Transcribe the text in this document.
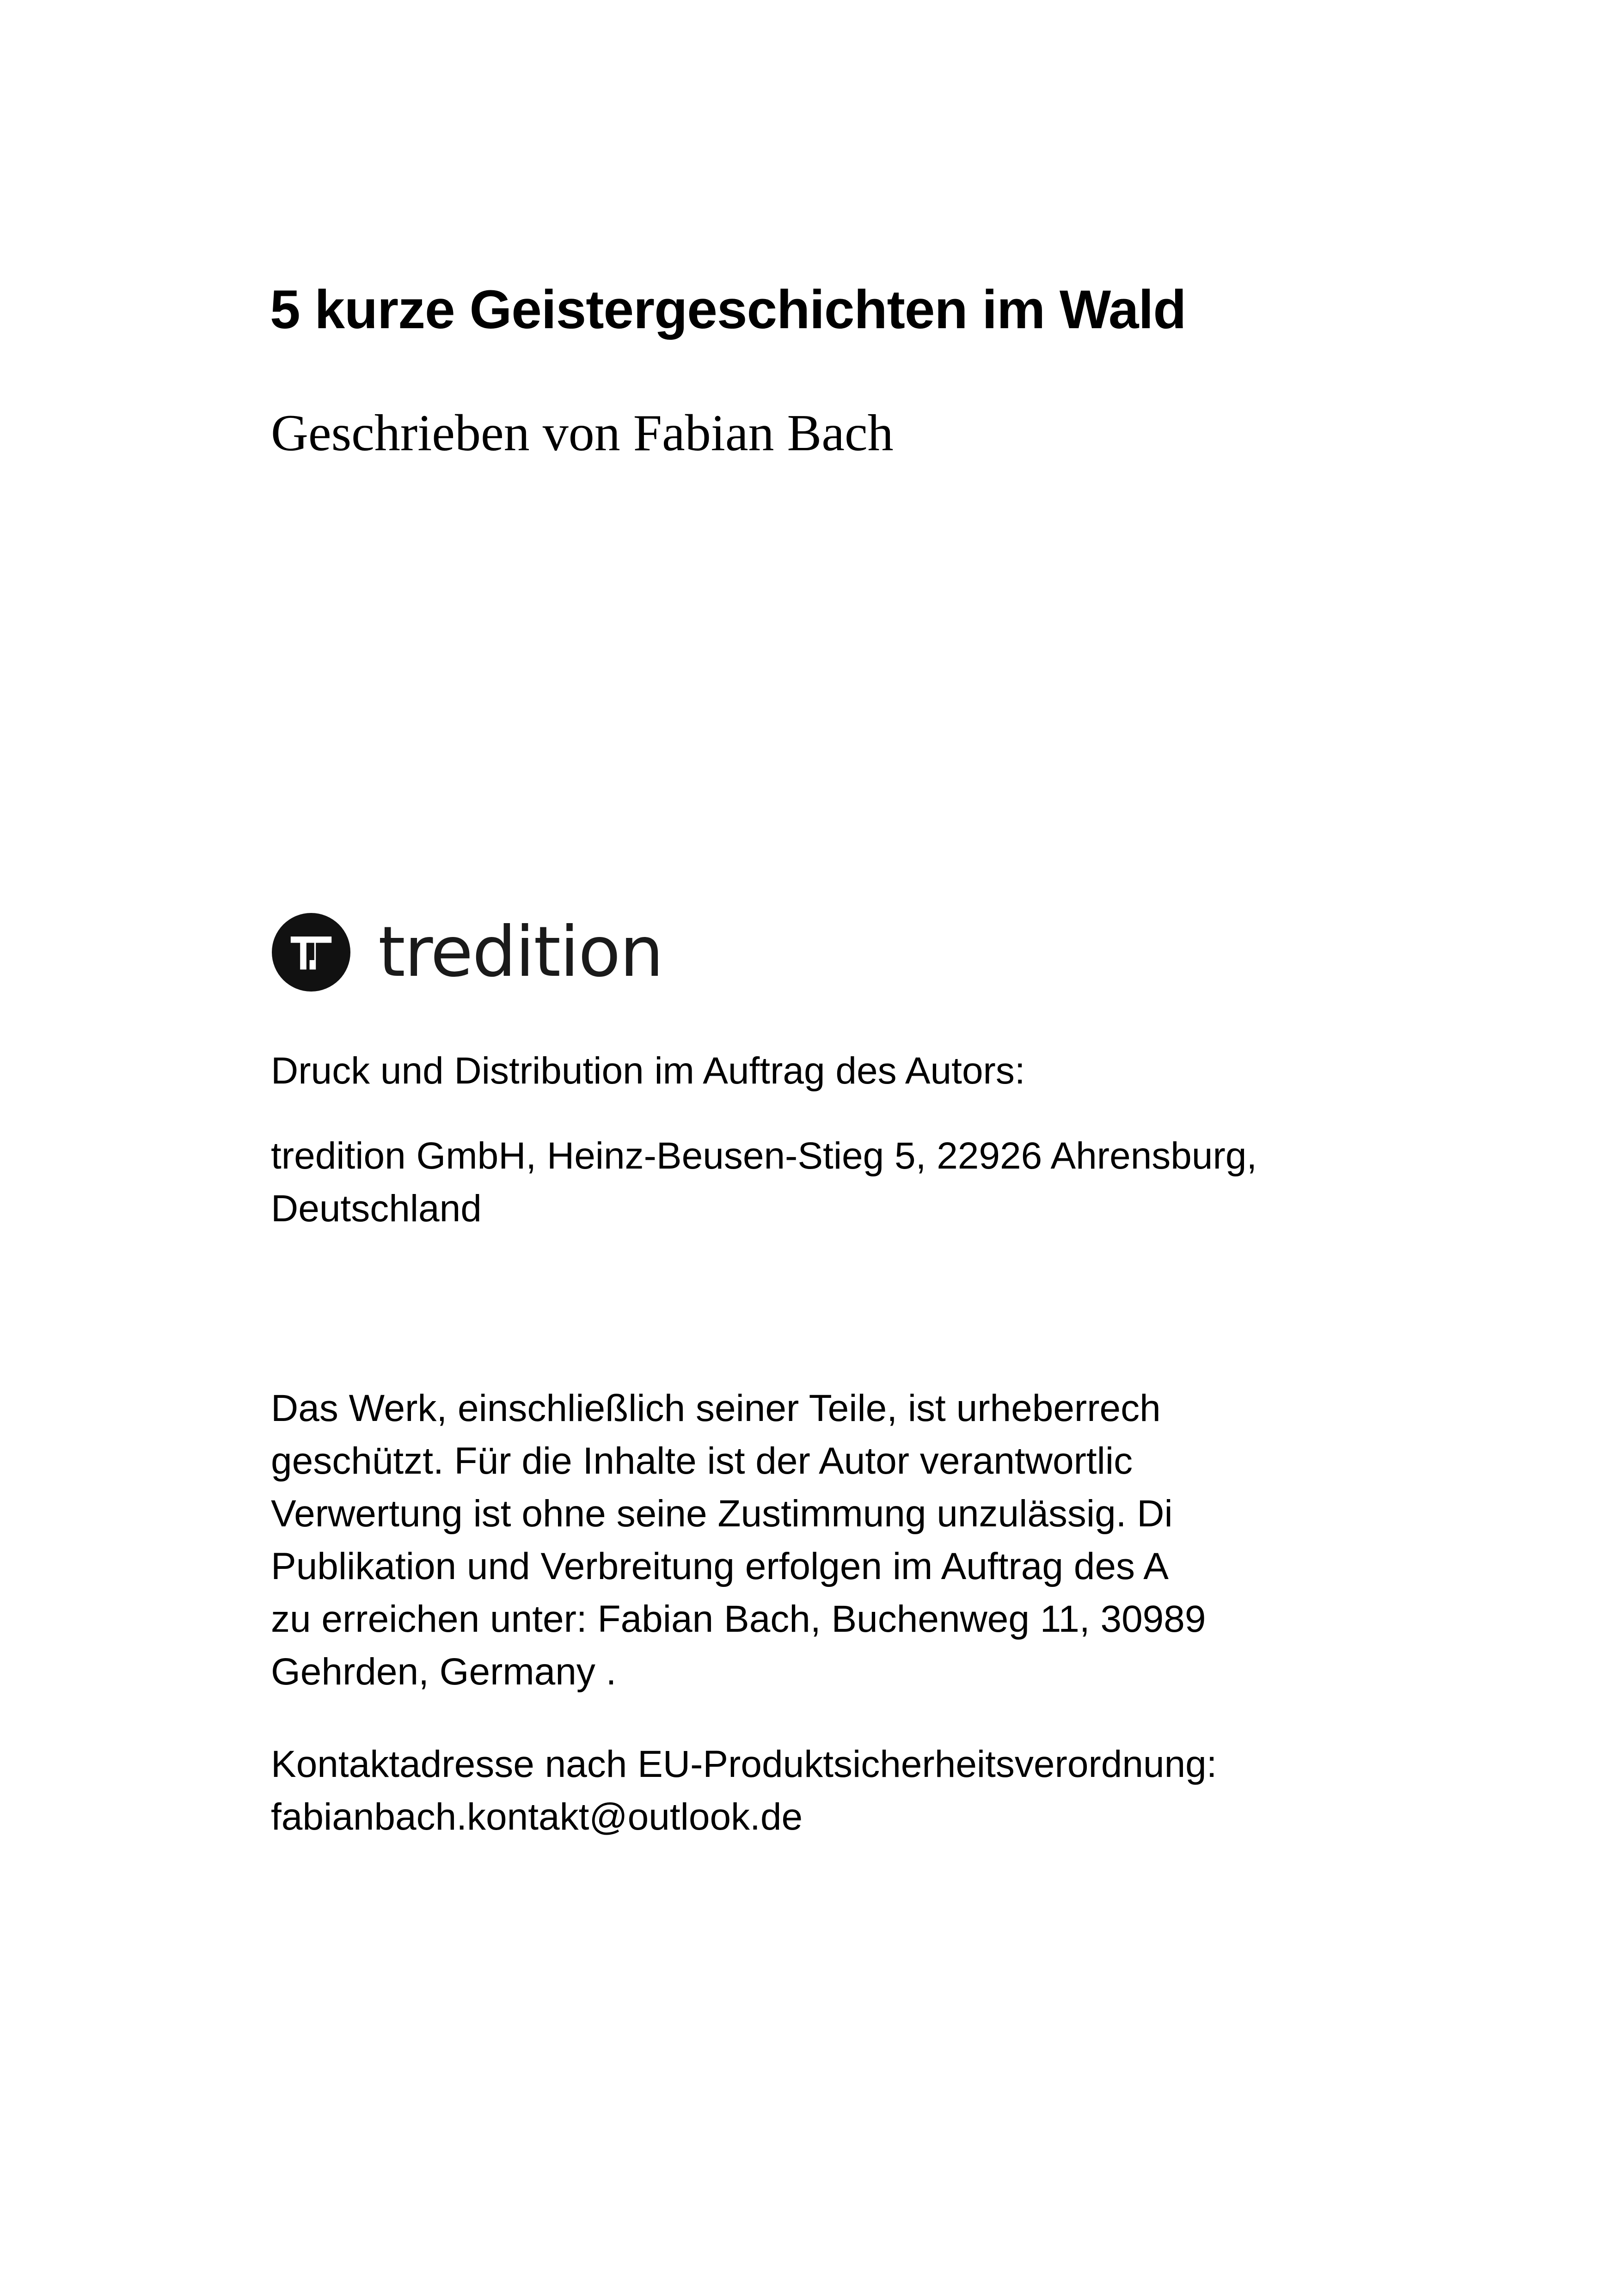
5 kurze Geistergeschichten im Wald
Geschrieben von Fabian Bach
tredition
Druck und Distribution im Auftrag des Autors:
tredition GmbH, Heinz-Beusen-Stieg 5, 22926 Ahrensburg,
Deutschland
Das Werk, einschließlich seiner Teile, ist urheberrech
geschützt. Für die Inhalte ist der Autor verantwortlic
Verwertung ist ohne seine Zustimmung unzulässig. Di
Publikation und Verbreitung erfolgen im Auftrag des A
zu erreichen unter: Fabian Bach, Buchenweg 11, 30989
Gehrden, Germany .
Kontaktadresse nach EU-Produktsicherheitsverordnung:
fabianbach.kontakt@outlook.de
